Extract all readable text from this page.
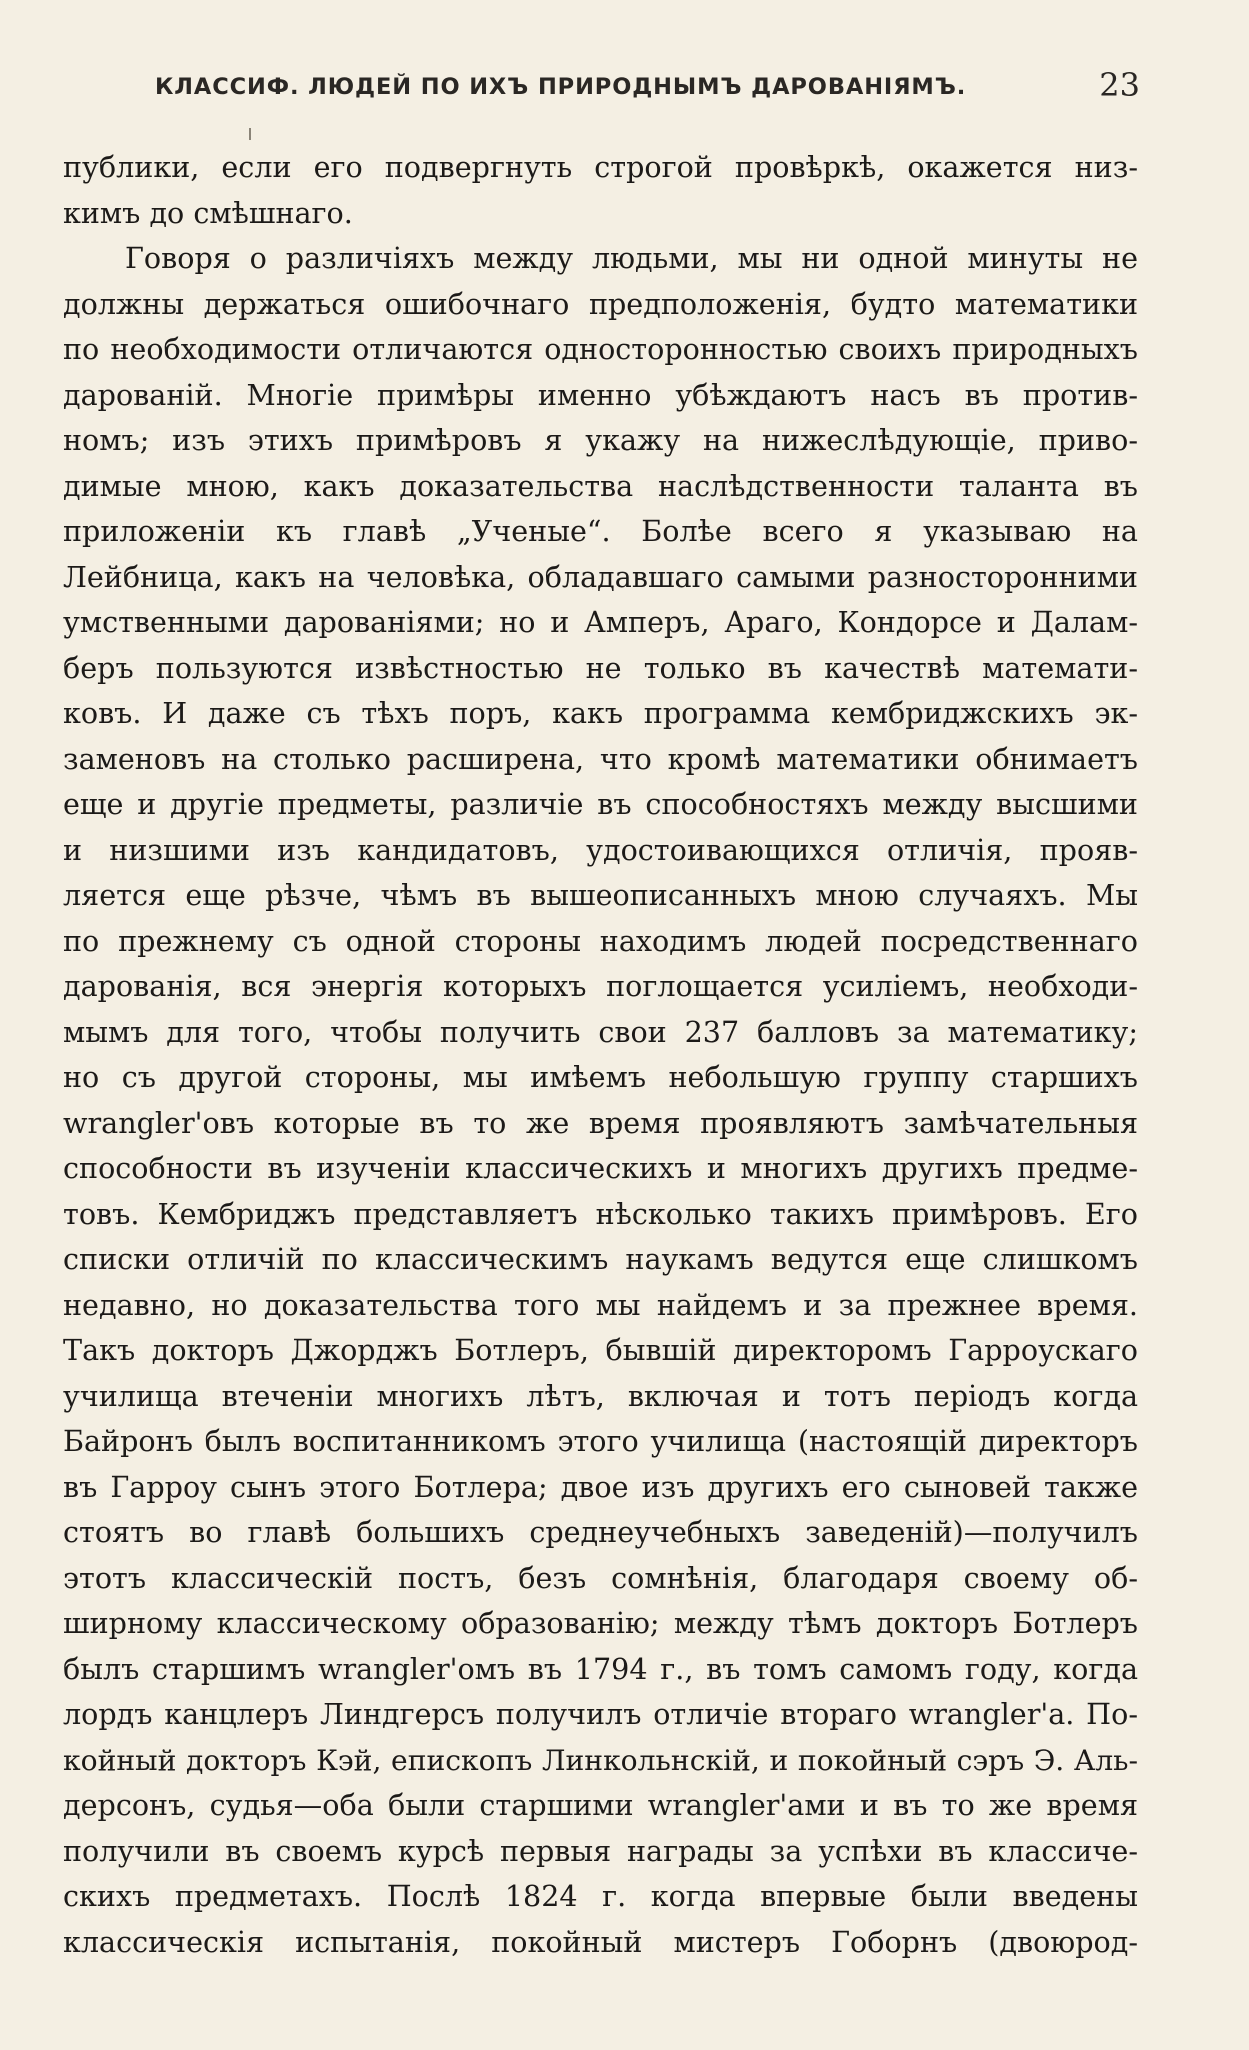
КЛАССИФ. ЛЮДЕЙ ПО ИХЪ ПРИРОДНЫМЪ ДАРОВАНІЯМЪ.	23
публики, если его подвергнуть строгой провѣркѣ, окажется низ-
кимъ до смѣшнаго.
Говоря о различіяхъ между людьми, мы ни одной минуты не
должны держаться ошибочнаго предположенія, будто математики
по необходимости отличаются односторонностью своихъ природныхъ
дарованій. Многіе примѣры именно убѣждаютъ насъ въ против-
номъ; изъ этихъ примѣровъ я укажу на нижеслѣдующіе, приво-
димые мною, какъ доказательства наслѣдственности таланта въ
приложеніи къ главѣ „Ученые“. Болѣе всего я указываю на
Лейбница, какъ на человѣка, обладавшаго самыми разносторонними
умственными дарованіями; но и Амперъ, Араго, Кондорсе и Далам-
беръ пользуются извѣстностью не только въ качествѣ математи-
ковъ. И даже съ тѣхъ поръ, какъ программа кембриджскихъ эк-
заменовъ на столько расширена, что кромѣ математики обнимаетъ
еще и другіе предметы, различіе въ способностяхъ между высшими
и низшими изъ кандидатовъ, удостоивающихся отличія, прояв-
ляется еще рѣзче, чѣмъ въ вышеописанныхъ мною случаяхъ. Мы
по прежнему съ одной стороны находимъ людей посредственнаго
дарованія, вся энергія которыхъ поглощается усиліемъ, необходи-
мымъ для того, чтобы получить свои 237 балловъ за математику;
но съ другой стороны, мы имѣемъ небольшую группу старшихъ
wrangler'овъ которые въ то же время проявляютъ замѣчательныя
способности въ изученіи классическихъ и многихъ другихъ предме-
товъ. Кембриджъ представляетъ нѣсколько такихъ примѣровъ. Его
списки отличій по классическимъ наукамъ ведутся еще слишкомъ
недавно, но доказательства того мы найдемъ и за прежнее время.
Такъ докторъ Джорджъ Ботлеръ, бывшій директоромъ Гарроускаго
училища втеченіи многихъ лѣтъ, включая и тотъ періодъ когда
Байронъ былъ воспитанникомъ этого училища (настоящій директоръ
въ Гарроу сынъ этого Ботлера; двое изъ другихъ его сыновей также
стоятъ во главѣ большихъ среднеучебныхъ заведеній)—получилъ
этотъ классическій постъ, безъ сомнѣнія, благодаря своему об-
ширному классическому образованію; между тѣмъ докторъ Ботлеръ
былъ старшимъ wrangler'омъ въ 1794 г., въ томъ самомъ году, когда
лордъ канцлеръ Линдгерсъ получилъ отличіе втораго wrangler'а. По-
койный докторъ Кэй, епископъ Линкольнскій, и покойный сэръ Э. Аль-
дерсонъ, судья—оба были старшими wrangler'ами и въ то же время
получили въ своемъ курсѣ первыя награды за успѣхи въ классиче-
скихъ предметахъ. Послѣ 1824 г. когда впервые были введены
классическія испытанія, покойный мистеръ Гоборнъ (двоюрод-
